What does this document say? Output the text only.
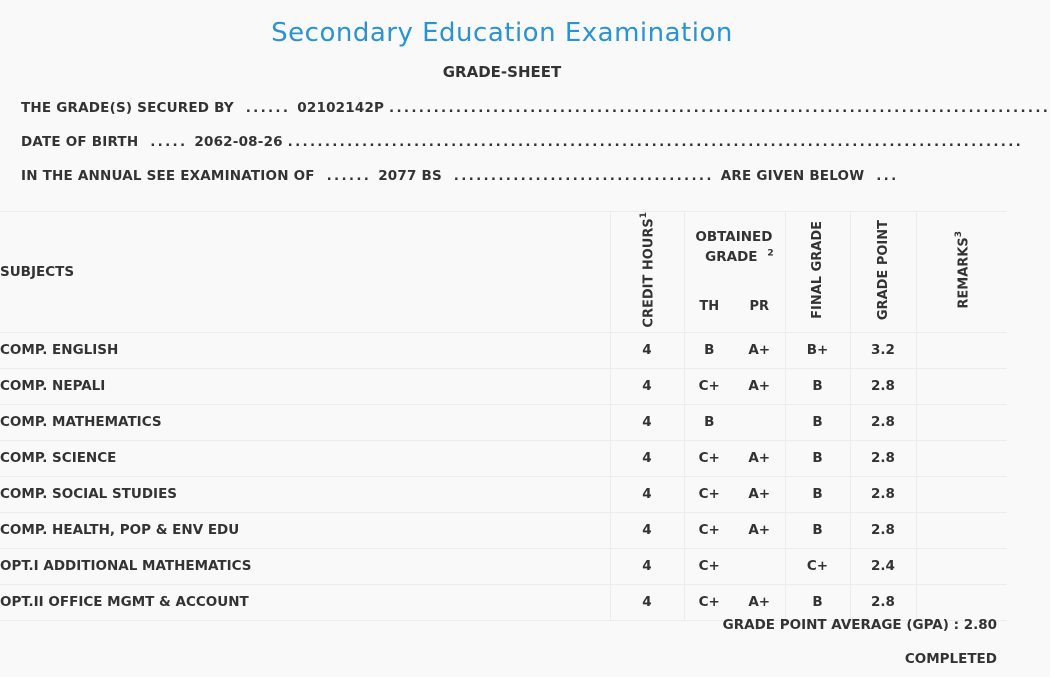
Secondary Education Examination
GRADE-SHEET
THE GRADE(S) SECURED BY  ...... 02102142P .........................................................................................
DATE OF BIRTH  ..... 2062-08-26 ...................................................................................................
IN THE ANNUAL SEE EXAMINATION OF  ...... 2077 BS  ................................... ARE GIVEN BELOW  ...
SUBJECTS	CREDIT HOURS$^1$	OBTAINED GRADE $^2$		FINAL GRADE	GRADE POINT	REMARKS$^3$
		TH	PR			
COMP. ENGLISH	4	B	A+	B+	3.2	
COMP. NEPALI	4	C+	A+	B	2.8	
COMP. MATHEMATICS	4	B		B	2.8	
COMP. SCIENCE	4	C+	A+	B	2.8	
COMP. SOCIAL STUDIES	4	C+	A+	B	2.8	
COMP. HEALTH, POP & ENV EDU	4	C+	A+	B	2.8	
OPT.I ADDITIONAL MATHEMATICS	4	C+		C+	2.4	
OPT.II OFFICE MGMT & ACCOUNT	4	C+	A+	B	2.8	
GRADE POINT AVERAGE (GPA) : 2.80
COMPLETED
